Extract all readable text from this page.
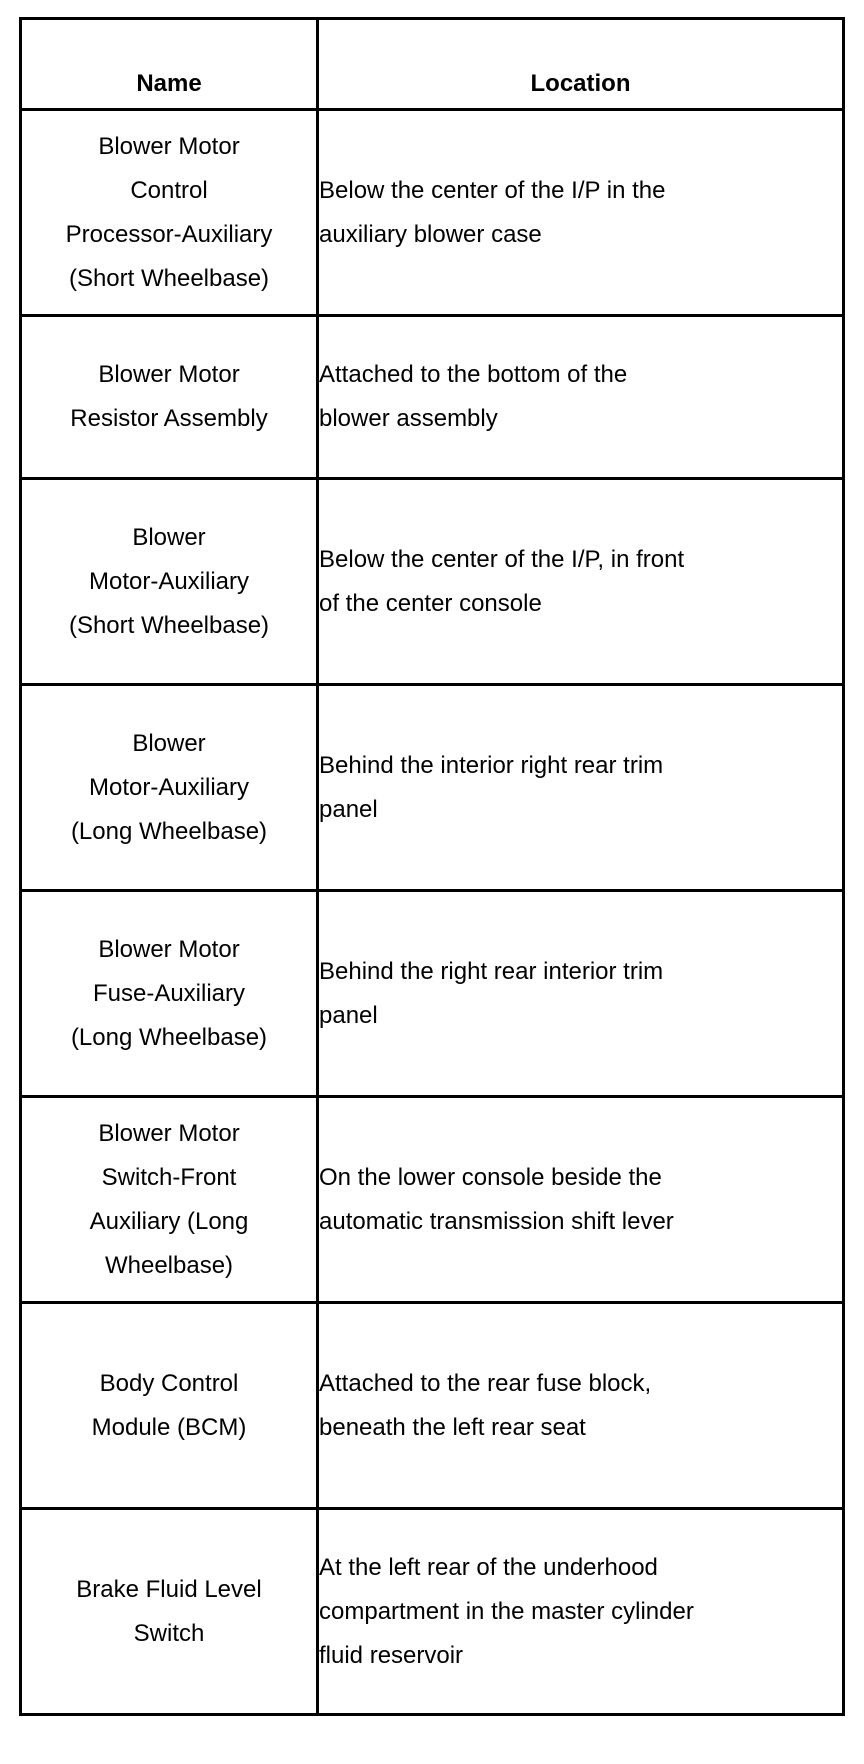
Name	Location

Blower Motor
Control
Processor-Auxiliary
(Short Wheelbase)	Below the center of the I/P in the
auxiliary blower case

Blower Motor
Resistor Assembly	Attached to the bottom of the
blower assembly

Blower
Motor-Auxiliary
(Short Wheelbase)	Below the center of the I/P, in front
of the center console

Blower
Motor-Auxiliary
(Long Wheelbase)	Behind the interior right rear trim
panel

Blower Motor
Fuse-Auxiliary
(Long Wheelbase)	Behind the right rear interior trim
panel

Blower Motor
Switch-Front
Auxiliary (Long
Wheelbase)	On the lower console beside the
automatic transmission shift lever

Body Control
Module (BCM)	Attached to the rear fuse block,
beneath the left rear seat

Brake Fluid Level
Switch	At the left rear of the underhood
compartment in the master cylinder
fluid reservoir
